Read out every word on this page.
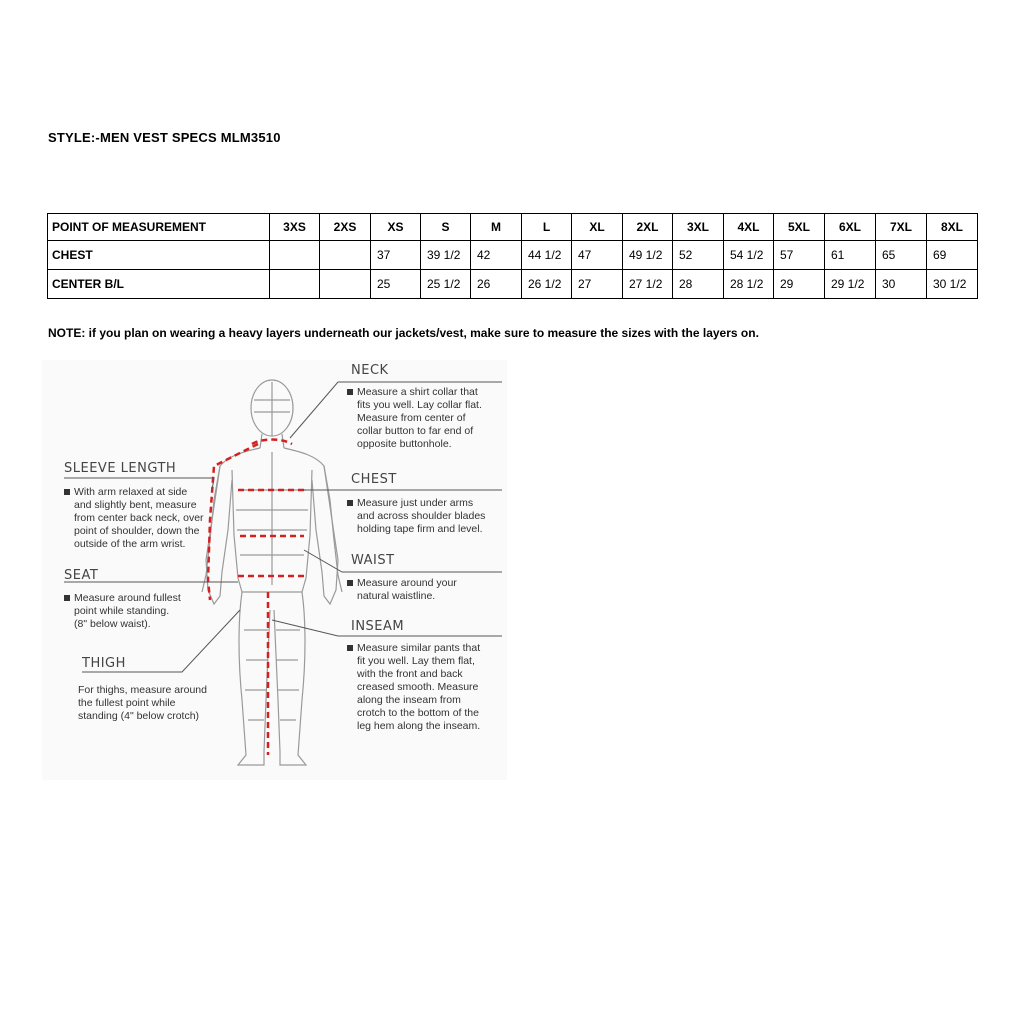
STYLE:-MEN VEST SPECS MLM3510
POINT OF MEASUREMENT	3XS	2XS	XS	S	M	L	XL	2XL	3XL	4XL	5XL	6XL	7XL	8XL
CHEST			37	39 1/2	42	44 1/2	47	49 1/2	52	54 1/2	57	61	65	69
CENTER B/L			25	25 1/2	26	26 1/2	27	27 1/2	28	28 1/2	29	29 1/2	30	30 1/2
NOTE: if you plan on wearing a heavy layers underneath our jackets/vest, make sure to measure the sizes with the layers on.
NECK
Measure a shirt collar that
fits you well. Lay collar flat.
Measure from center of
collar button to far end of
opposite buttonhole.
CHEST
Measure just under arms
and across shoulder blades
holding tape firm and level.
WAIST
Measure around your
natural waistline.
INSEAM
Measure similar pants that
fit you well. Lay them flat,
with the front and back
creased smooth. Measure
along the inseam from
crotch to the bottom of the
leg hem along the inseam.
SLEEVE LENGTH
With arm relaxed at side
and slightly bent, measure
from center back neck, over
point of shoulder, down the
outside of the arm wrist.
SEAT
Measure around fullest
point while standing.
(8" below waist).
THIGH
For thighs, measure around
the fullest point while
standing (4" below crotch)
